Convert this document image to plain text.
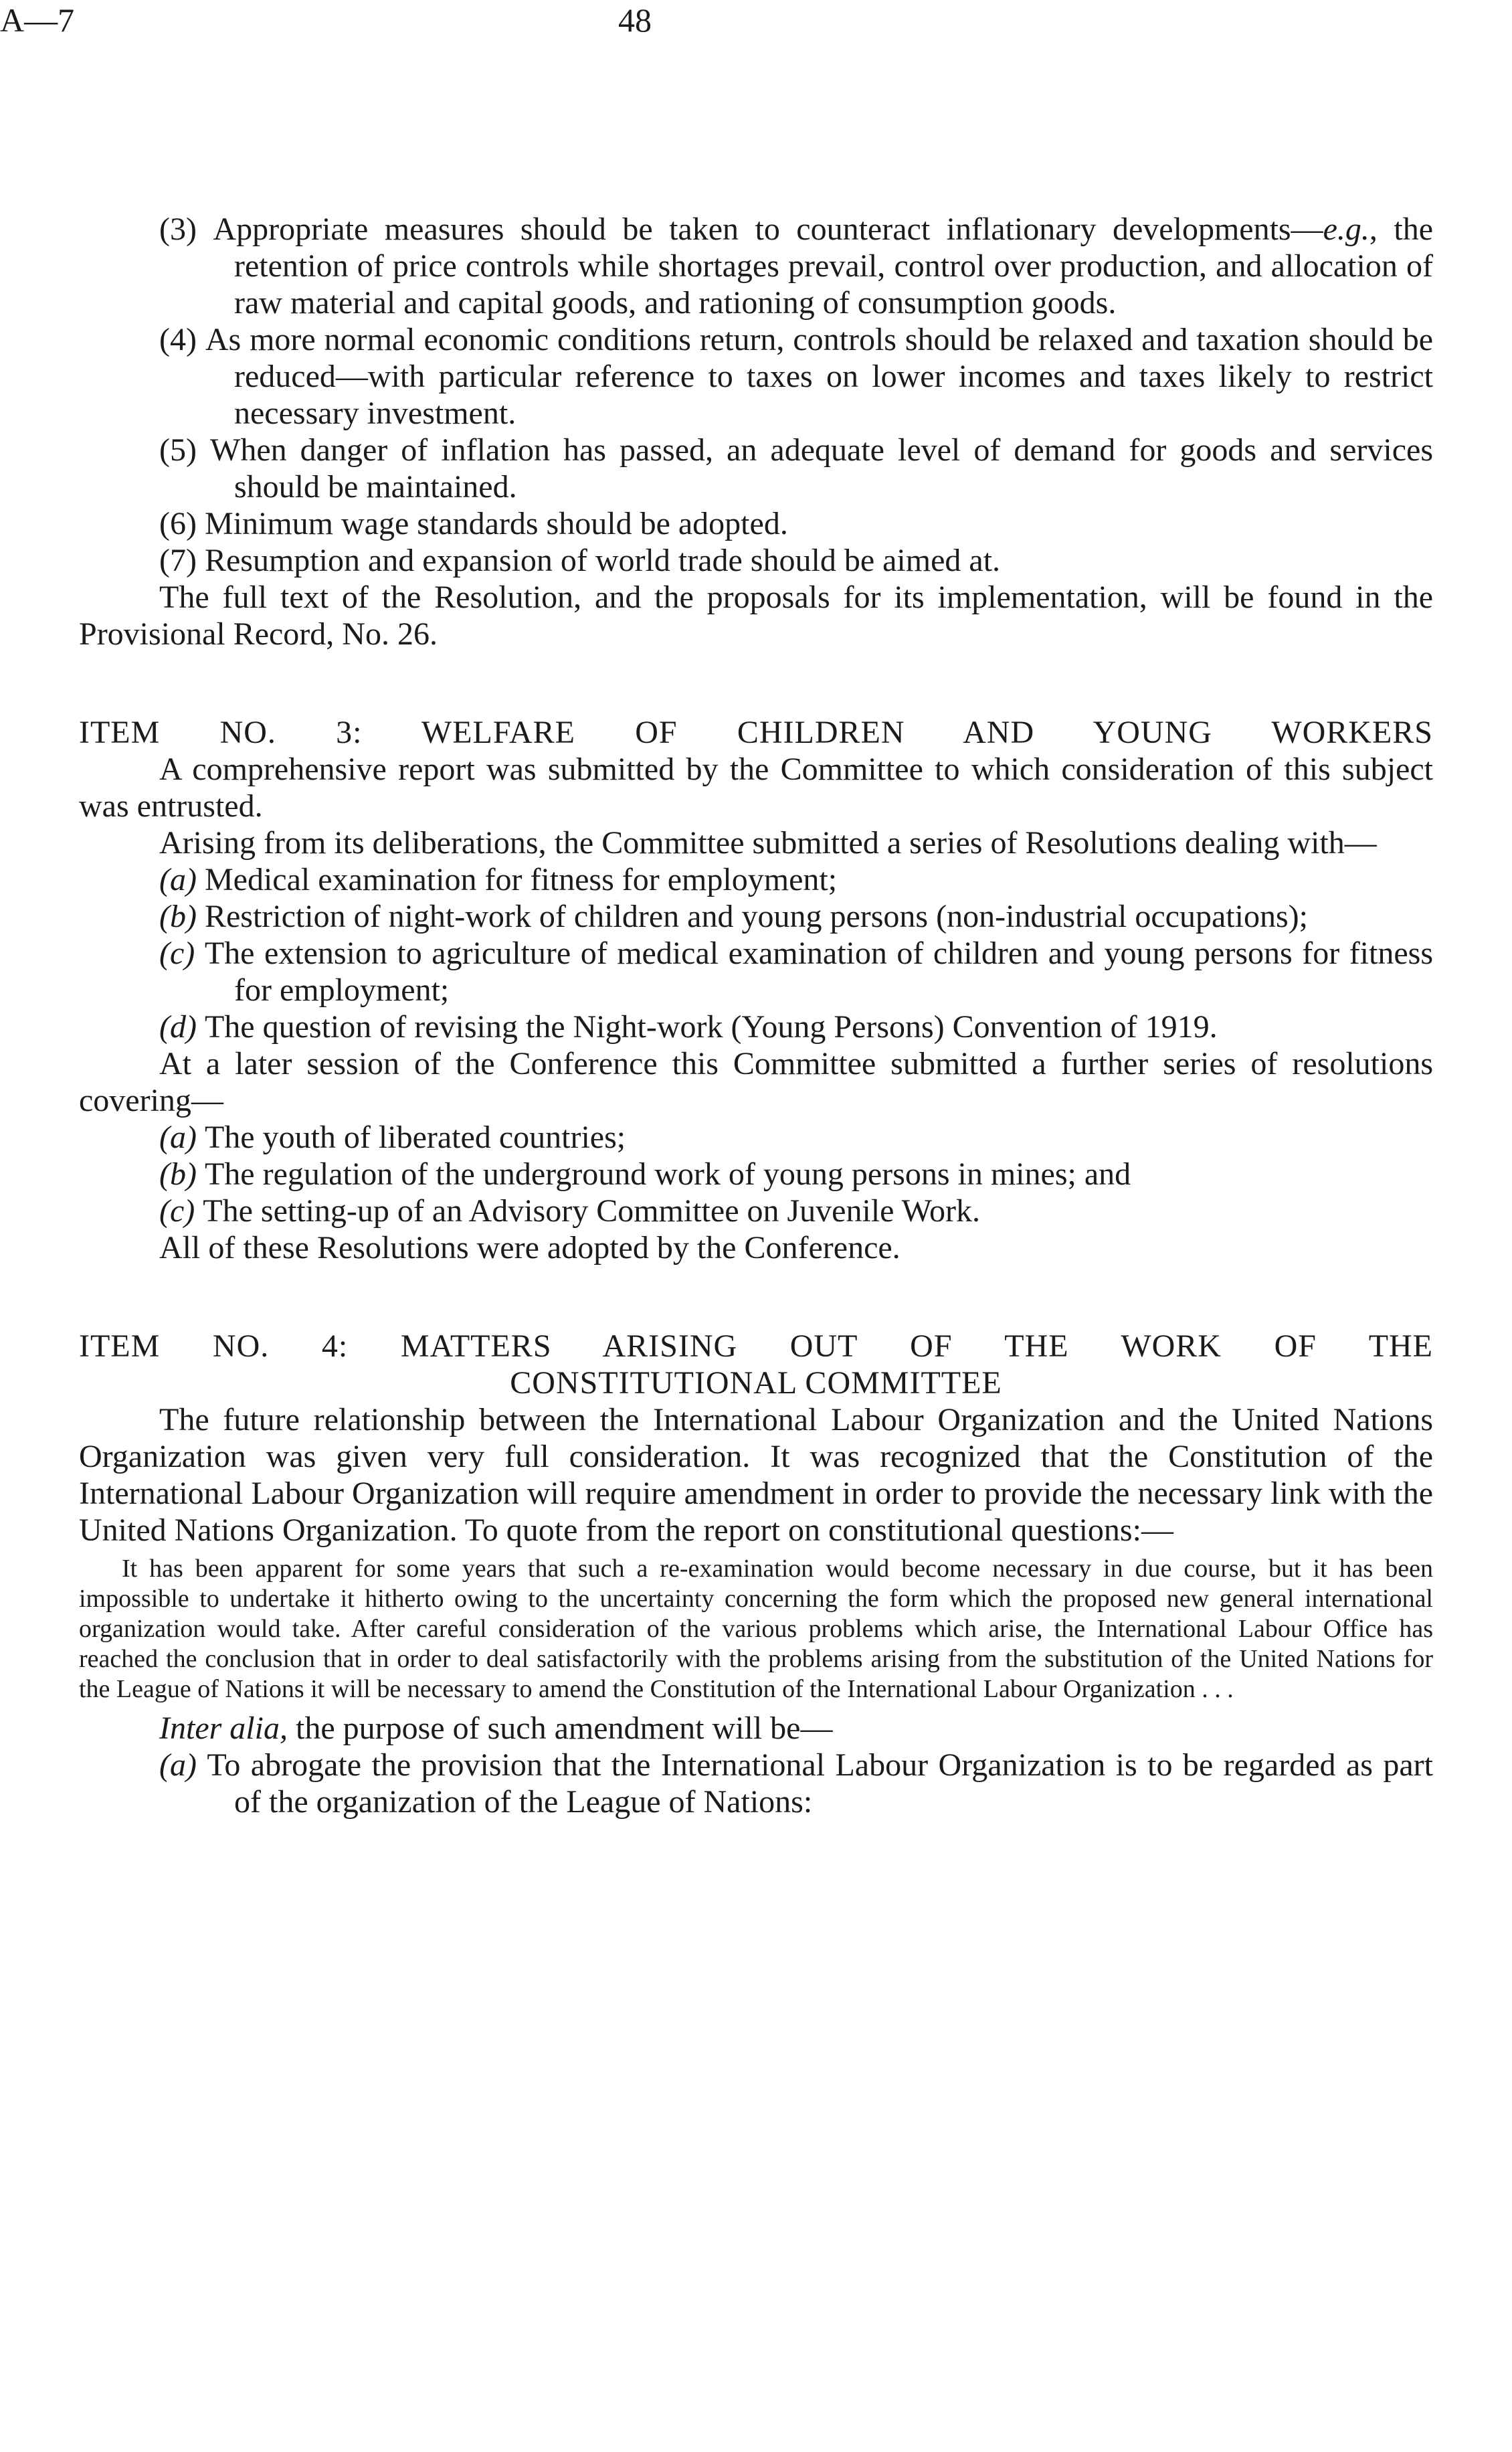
A—7	48

(3) Appropriate measures should be taken to counteract inflationary developments—e.g., the retention of price controls while shortages prevail, control over production, and allocation of raw material and capital goods, and rationing of consumption goods.

(4) As more normal economic conditions return, controls should be relaxed and taxation should be reduced—with particular reference to taxes on lower incomes and taxes likely to restrict necessary investment.

(5) When danger of inflation has passed, an adequate level of demand for goods and services should be maintained.

(6) Minimum wage standards should be adopted.

(7) Resumption and expansion of world trade should be aimed at.

The full text of the Resolution, and the proposals for its implementation, will be found in the Provisional Record, No. 26.

ITEM NO. 3: WELFARE OF CHILDREN AND YOUNG WORKERS

A comprehensive report was submitted by the Committee to which consideration of this subject was entrusted.

Arising from its deliberations, the Committee submitted a series of Resolutions dealing with—

(a) Medical examination for fitness for employment;

(b) Restriction of night-work of children and young persons (non-industrial occupations);

(c) The extension to agriculture of medical examination of children and young persons for fitness for employment;

(d) The question of revising the Night-work (Young Persons) Convention of 1919.

At a later session of the Conference this Committee submitted a further series of resolutions covering—

(a) The youth of liberated countries;

(b) The regulation of the underground work of young persons in mines; and

(c) The setting-up of an Advisory Committee on Juvenile Work.

All of these Resolutions were adopted by the Conference.

ITEM NO. 4: MATTERS ARISING OUT OF THE WORK OF THE

CONSTITUTIONAL COMMITTEE

The future relationship between the International Labour Organization and the United Nations Organization was given very full consideration. It was recognized that the Constitution of the International Labour Organization will require amendment in order to provide the necessary link with the United Nations Organization. To quote from the report on constitutional questions:—

It has been apparent for some years that such a re-examination would become necessary in due course, but it has been impossible to undertake it hitherto owing to the uncertainty concerning the form which the proposed new general international organization would take. After careful consideration of the various problems which arise, the International Labour Office has reached the conclusion that in order to deal satisfactorily with the problems arising from the substitution of the United Nations for the League of Nations it will be necessary to amend the Constitution of the International Labour Organization . . .

Inter alia, the purpose of such amendment will be—

(a) To abrogate the provision that the International Labour Organization is to be regarded as part of the organization of the League of Nations:
